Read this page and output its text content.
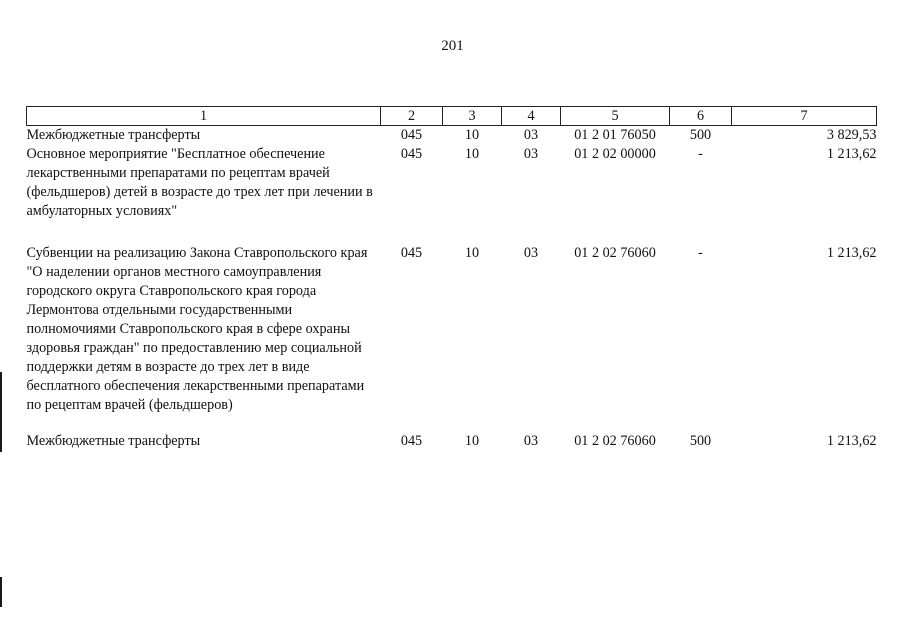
201
1	2	3	4	5	6	7
Межбюджетные трансферты	045	10	03	01 2 01 76050	500	3 829,53
Основное мероприятие "Бесплатное обеспечение лекарственными препаратами по рецептам врачей (фельдшеров) детей в возрасте до трех лет при лечении в амбулаторных условиях"	045	10	03	01 2 02 00000	-	1 213,62
Субвенции на реализацию Закона Ставропольского края "О наделении органов местного самоуправления городского округа Ставропольского края города Лермонтова отдельными государственными полномочиями Ставропольского края в сфере охраны здоровья граждан" по предоставлению мер социальной поддержки детям в возрасте до трех лет в виде бесплатного обеспечения лекарственными препаратами по рецептам врачей (фельдшеров)	045	10	03	01 2 02 76060	-	1 213,62
Межбюджетные трансферты	045	10	03	01 2 02 76060	500	1 213,62
